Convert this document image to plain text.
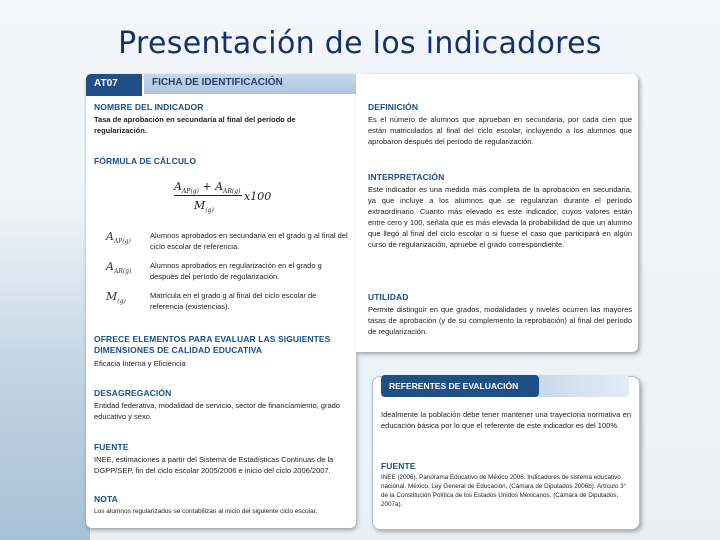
Presentación de los indicadores
AT07	FICHA DE IDENTIFICACIÓN
NOMBRE DEL INDICADOR
Tasa de aprobación en secundaria al final del período de regularización.
FÓRMULA DE CÁLCULO
$A_{AP(g)} + A_{AR(g)}$
$M_{(g)}$
x100
$A_{AP(g)}$
Alumnos aprobados en secundaria en el grado g al final del ciclo escolar de referencia.
$A_{AR(g)}$
Alumnos aprobados en regularización en el grado g después del período de regularización.
$M_{(g)}$
Matrícula en el grado g al final del ciclo escolar de referencia (existencias).
OFRECE ELEMENTOS PARA EVALUAR LAS SIGUIENTES DIMENSIONES DE CALIDAD EDUCATIVA
Eficacia Interna y Eficiencia
DESAGREGACIÓN
Entidad federativa, modalidad de servicio, sector de financiamiento, grado educativo y sexo.
FUENTE
INEE, estimaciones a partir del Sistema de Estadísticas Continuas de la DGPP/SEP, fin del ciclo escolar 2005/2006 e inicio del ciclo 2006/2007.
NOTA
Los alumnos regularizados se contabilizan al inicio del siguiente ciclo escolar.
DEFINICIÓN
Es el número de alumnos que aprueban en secundaria, por cada cien que están matriculados al final del ciclo escolar, incluyendo a los alumnos que aprobaron después del período de regularización.
INTERPRETACIÓN
Este indicador es una medida más completa de la aprobación en secundaria, ya que incluye a los alumnos que se regularizan durante el período extraordinario. Cuanto más elevado es este indicador, cuyos valores están entre cero y 100, señala que es más elevada la probabilidad de que un alumno que llegó al final del ciclo escolar o si fuese el caso que participará en algún curso de regularización, apruebe el grado correspondiente.
UTILIDAD
Permite distinguir en que grados, modalidades y niveles ocurren las mayores tasas de aprobación (y de su complemento la reprobación) al final del período de regularización.
REFERENTES DE EVALUACIÓN
Idealmente la población debe tener mantener una trayectoria normativa en educación básica por lo que el referente de este indicador es del 100%.
FUENTE
INEE (2006). Panorama Educativo de México 2006. Indicadores de sistema educativo nacional. México. Ley General de Educación, (Cámara de Diputados 2006b). Artículo 3° de la Constitución Política de los Estados Unidos Mexicanos. (Cámara de Diputados, 2007a).
